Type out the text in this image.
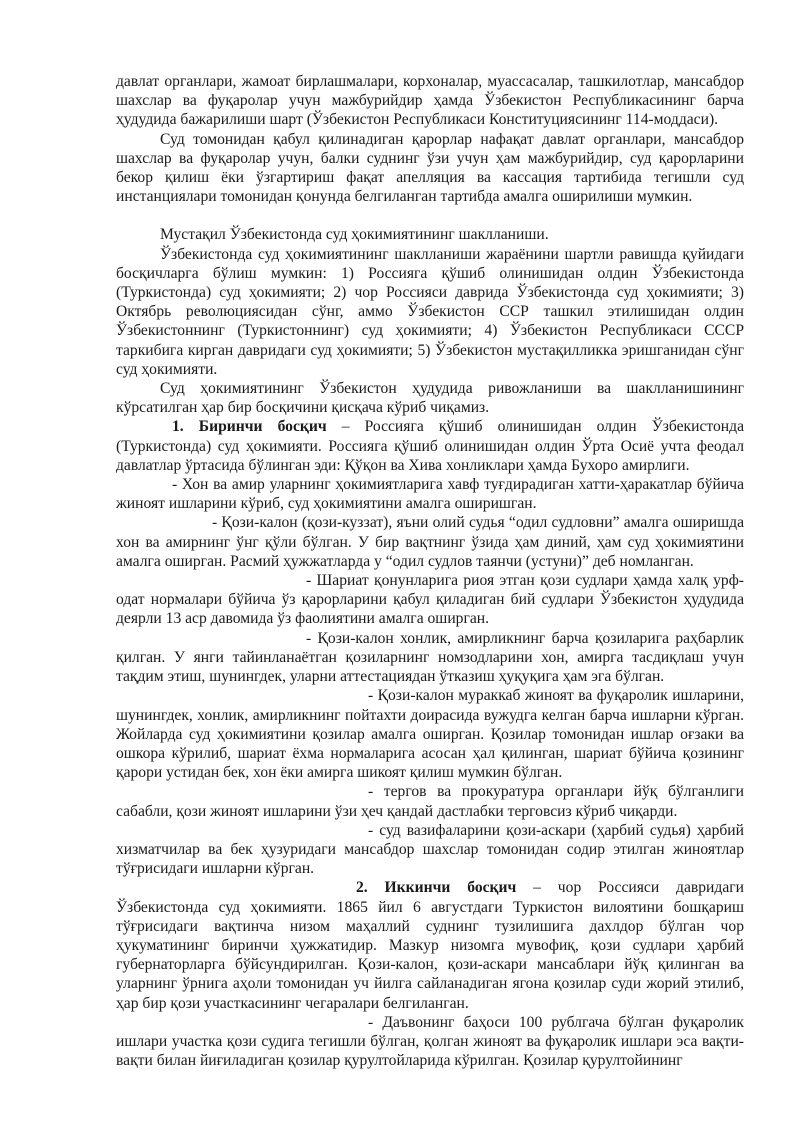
давлат органлари, жамоат бирлашмалари, корхоналар, муассасалар, ташкилотлар, мансабдор шахслар ва фуқаролар учун мажбурийдир ҳамда Ўзбекистон Республикасининг барча ҳудудида бажарилиши шарт (Ўзбекистон Республикаси Конституциясининг 114-моддаси).

Суд томонидан қабул қилинадиган қарорлар нафақат давлат органлари, мансабдор шахслар ва фуқаролар учун, балки суднинг ўзи учун ҳам мажбурийдир, суд қарорларини бекор қилиш ёки ўзгартириш фақат апелляция ва кассация тартибида тегишли суд инстанциялари томонидан қонунда белгиланган тартибда амалга оширилиши мумкин.

Мустақил Ўзбекистонда суд ҳокимиятининг шаклланиши.

Ўзбекистонда суд ҳокимиятининг шаклланиши жараёнини шартли равишда қуйидаги босқичларга бўлиш мумкин: 1) Россияга қўшиб олинишидан олдин Ўзбекистонда (Туркистонда) суд ҳокимияти; 2) чор Россияси даврида Ўзбекистонда суд ҳокимияти; 3) Октябрь революциясидан сўнг, аммо Ўзбекистон ССР ташкил этилишидан олдин Ўзбекистоннинг (Туркистоннинг) суд ҳокимияти; 4) Ўзбекистон Республикаси СССР таркибига кирган давридаги суд ҳокимияти; 5) Ўзбекистон мустақилликка эришганидан сўнг суд ҳокимияти.

Суд ҳокимиятининг Ўзбекистон ҳудудида ривожланиши ва шаклланишининг кўрсатилган ҳар бир босқичини қисқача кўриб чиқамиз.

1. Биринчи босқич – Россияга қўшиб олинишидан олдин Ўзбекистонда (Туркистонда) суд ҳокимияти. Россияга қўшиб олинишидан олдин Ўрта Осиё учта феодал давлатлар ўртасида бўлинган эди: Қўқон ва Хива хонликлари ҳамда Бухоро амирлиги.

- Хон ва амир уларнинг ҳокимиятларига хавф туғдирадиган хатти-ҳаракатлар бўйича жиноят ишларини кўриб, суд ҳокимиятини амалга оширишган.

- Қози-калон (қози-куззат), яъни олий судья “одил судловни” амалга оширишда хон ва амирнинг ўнг қўли бўлган. У бир вақтнинг ўзида ҳам диний, ҳам суд ҳокимиятини амалга оширган. Расмий ҳужжатларда у “одил судлов таянчи (устуни)” деб номланган.

- Шариат қонунларига риоя этган қози судлари ҳамда халқ урф-одат нормалари бўйича ўз қарорларини қабул қиладиган бий судлари Ўзбекистон ҳудудида деярли 13 аср давомида ўз фаолиятини амалга оширган.

- Қози-калон хонлик, амирликнинг барча қозиларига раҳбарлик қилган. У янги тайинланаётган қозиларнинг номзодларини хон, амирга тасдиқлаш учун тақдим этиш, шунингдек, уларни аттестациядан ўтказиш ҳуқуқига ҳам эга бўлган.

- Қози-калон мураккаб жиноят ва фуқаролик ишларини, шунингдек, хонлик, амирликнинг пойтахти доирасида вужудга келган барча ишларни кўрган. Жойларда суд ҳокимиятини қозилар амалга оширган. Қозилар томонидан ишлар оғзаки ва ошкора кўрилиб, шариат ёхма нормаларига асосан ҳал қилинган, шариат бўйича қозининг қарори устидан бек, хон ёки амирга шикоят қилиш мумкин бўлган.

- тергов ва прокуратура органлари йўқ бўлганлиги сабабли, қози жиноят ишларини ўзи ҳеч қандай дастлабки терговсиз кўриб чиқарди.

- суд вазифаларини қози-аскари (ҳарбий судья) ҳарбий хизматчилар ва бек ҳузуридаги мансабдор шахслар томонидан содир этилган жиноятлар тўғрисидаги ишларни кўрган.

2. Иккинчи босқич – чор Россияси давридаги Ўзбекистонда суд ҳокимияти. 1865 йил 6 августдаги Туркистон вилоятини бошқариш тўғрисидаги вақтинча низом маҳаллий суднинг тузилишига дахлдор бўлган чор ҳукуматининг биринчи ҳужжатидир. Мазкур низомга мувофиқ, қози судлари ҳарбий губернаторларга бўйсундирилган. Қози-калон, қози-аскари мансаблари йўқ қилинган ва уларнинг ўрнига аҳоли томонидан уч йилга сайланадиган ягона қозилар суди жорий этилиб, ҳар бир қози участкасининг чегаралари белгиланган.

- Даъвонинг баҳоси 100 рублгача бўлган фуқаролик ишлари участка қози судига тегишли бўлган, қолган жиноят ва фуқаролик ишлари эса вақти-вақти билан йиғиладиган қозилар қурултойларида кўрилган. Қозилар қурултойининг
